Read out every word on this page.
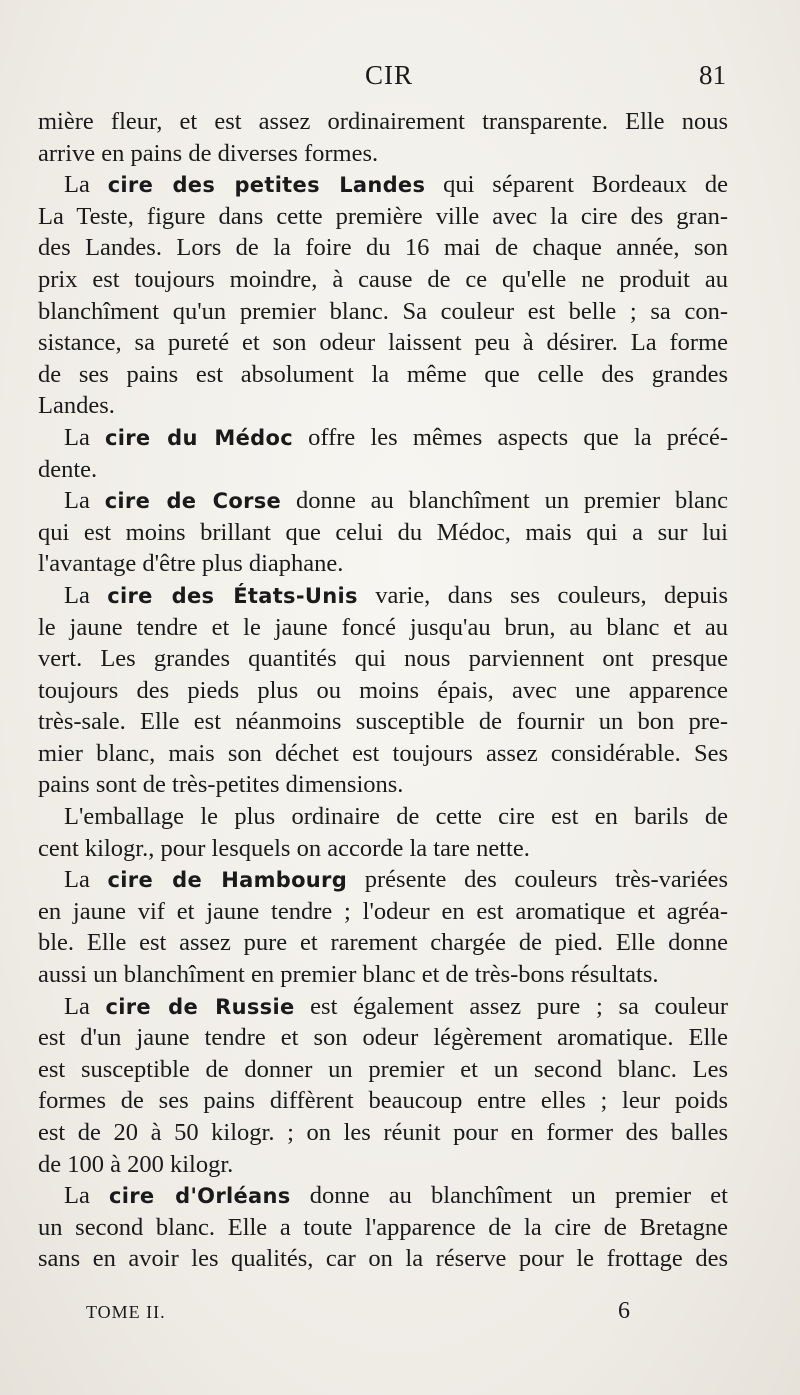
CIR	81
mière fleur, et est assez ordinairement transparente. Elle nous
arrive en pains de diverses formes.
La cire des petites Landes qui séparent Bordeaux de
La Teste, figure dans cette première ville avec la cire des gran-
des Landes. Lors de la foire du 16 mai de chaque année, son
prix est toujours moindre, à cause de ce qu'elle ne produit au
blanchîment qu'un premier blanc. Sa couleur est belle ; sa con-
sistance, sa pureté et son odeur laissent peu à désirer. La forme
de ses pains est absolument la même que celle des grandes
Landes.
La cire du Médoc offre les mêmes aspects que la précé-
dente.
La cire de Corse donne au blanchîment un premier blanc
qui est moins brillant que celui du Médoc, mais qui a sur lui
l'avantage d'être plus diaphane.
La cire des États-Unis varie, dans ses couleurs, depuis
le jaune tendre et le jaune foncé jusqu'au brun, au blanc et au
vert. Les grandes quantités qui nous parviennent ont presque
toujours des pieds plus ou moins épais, avec une apparence
très-sale. Elle est néanmoins susceptible de fournir un bon pre-
mier blanc, mais son déchet est toujours assez considérable. Ses
pains sont de très-petites dimensions.
L'emballage le plus ordinaire de cette cire est en barils de
cent kilogr., pour lesquels on accorde la tare nette.
La cire de Hambourg présente des couleurs très-variées
en jaune vif et jaune tendre ; l'odeur en est aromatique et agréa-
ble. Elle est assez pure et rarement chargée de pied. Elle donne
aussi un blanchîment en premier blanc et de très-bons résultats.
La cire de Russie est également assez pure ; sa couleur
est d'un jaune tendre et son odeur légèrement aromatique. Elle
est susceptible de donner un premier et un second blanc. Les
formes de ses pains diffèrent beaucoup entre elles ; leur poids
est de 20 à 50 kilogr. ; on les réunit pour en former des balles
de 100 à 200 kilogr.
La cire d'Orléans donne au blanchîment un premier et
un second blanc. Elle a toute l'apparence de la cire de Bretagne
sans en avoir les qualités, car on la réserve pour le frottage des
TOME II.	6
